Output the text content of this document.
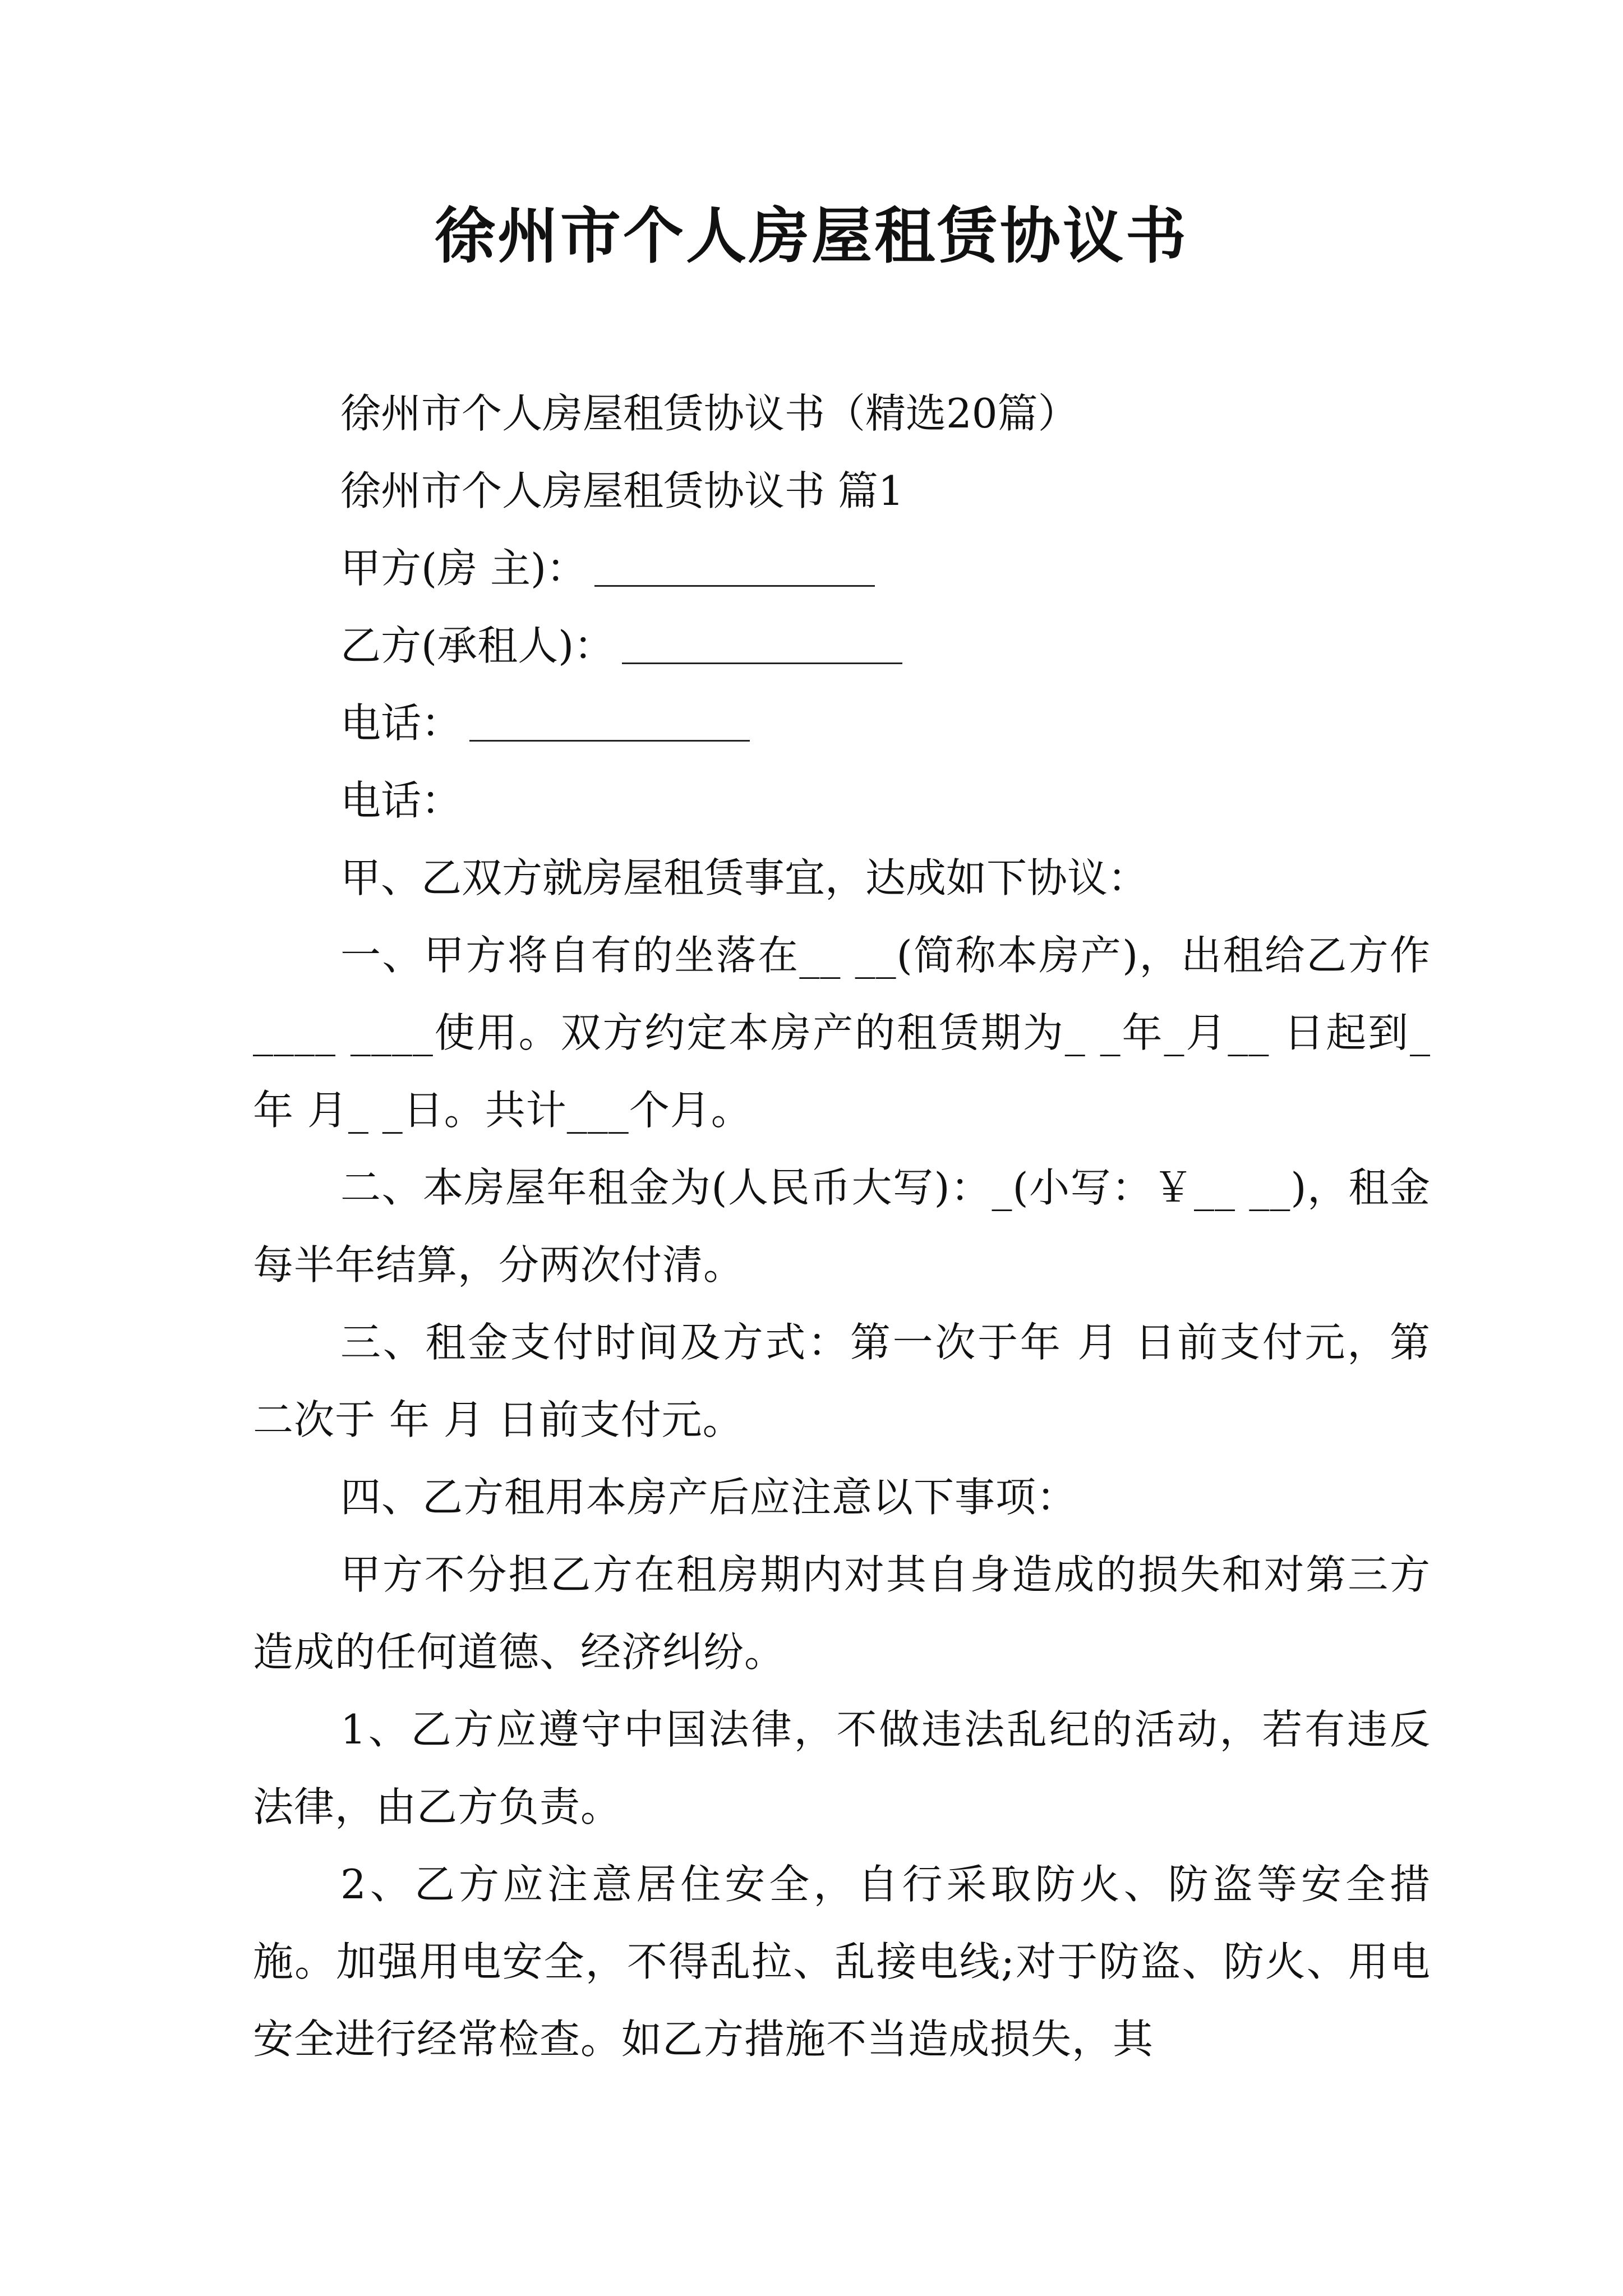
徐州市个人房屋租赁协议书
徐州市个人房屋租赁协议书（精选20篇）
徐州市个人房屋租赁协议书 篇1
甲方(房 主)：
乙方(承租人)：
电话：
电话：
甲、乙双方就房屋租赁事宜，达成如下协议：
一、甲方将自有的坐落在__ __(简称本房产)，出租给乙方作____ ____使用。双方约定本房产的租赁期为_ _年_月__ 日起到_年 月_ _日。共计___个月。
二、本房屋年租金为(人民币大写)：_(小写：￥__ __)，租金每半年结算，分两次付清。
三、租金支付时间及方式：第一次于年 月 日前支付元，第二次于 年 月 日前支付元。
四、乙方租用本房产后应注意以下事项：
甲方不分担乙方在租房期内对其自身造成的损失和对第三方造成的任何道德、经济纠纷。
1、乙方应遵守中国法律，不做违法乱纪的活动，若有违反法律，由乙方负责。
2、乙方应注意居住安全，自行采取防火、防盗等安全措施。加强用电安全，不得乱拉、乱接电线;对于防盗、防火、用电安全进行经常检查。如乙方措施不当造成损失，其
